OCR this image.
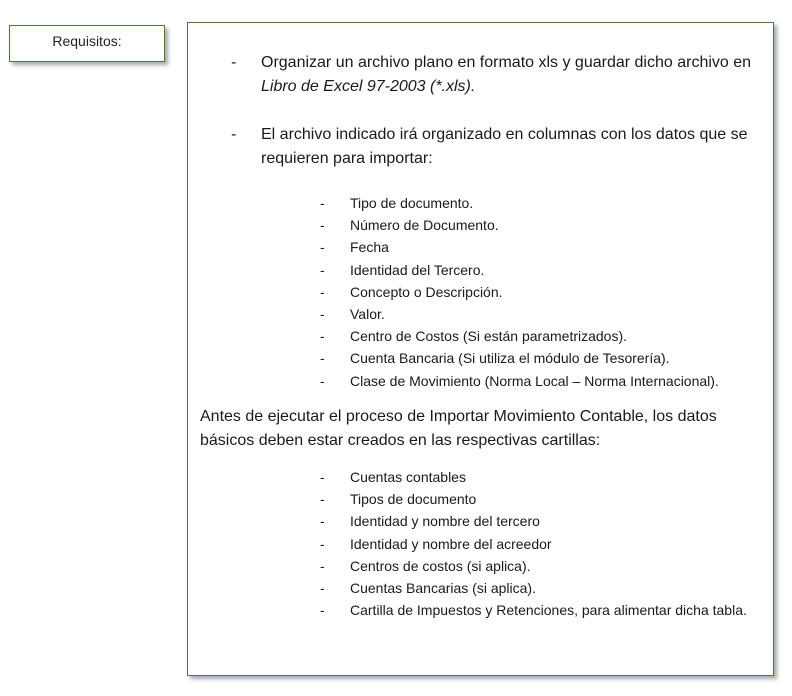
Requisitos:
- Organizar un archivo plano en formato xls y guardar dicho archivo en Libro de Excel 97-2003 (*.xls).
- El archivo indicado irá organizado en columnas con los datos que se requieren para importar:
- Tipo de documento.
- Número de Documento.
- Fecha
- Identidad del Tercero.
- Concepto o Descripción.
- Valor.
- Centro de Costos (Si están parametrizados).
- Cuenta Bancaria (Si utiliza el módulo de Tesorería).
- Clase de Movimiento (Norma Local – Norma Internacional).
Antes de ejecutar el proceso de Importar Movimiento Contable, los datos básicos deben estar creados en las respectivas cartillas:
- Cuentas contables
- Tipos de documento
- Identidad y nombre del tercero
- Identidad y nombre del acreedor
- Centros de costos (si aplica).
- Cuentas Bancarias (si aplica).
- Cartilla de Impuestos y Retenciones, para alimentar dicha tabla.
